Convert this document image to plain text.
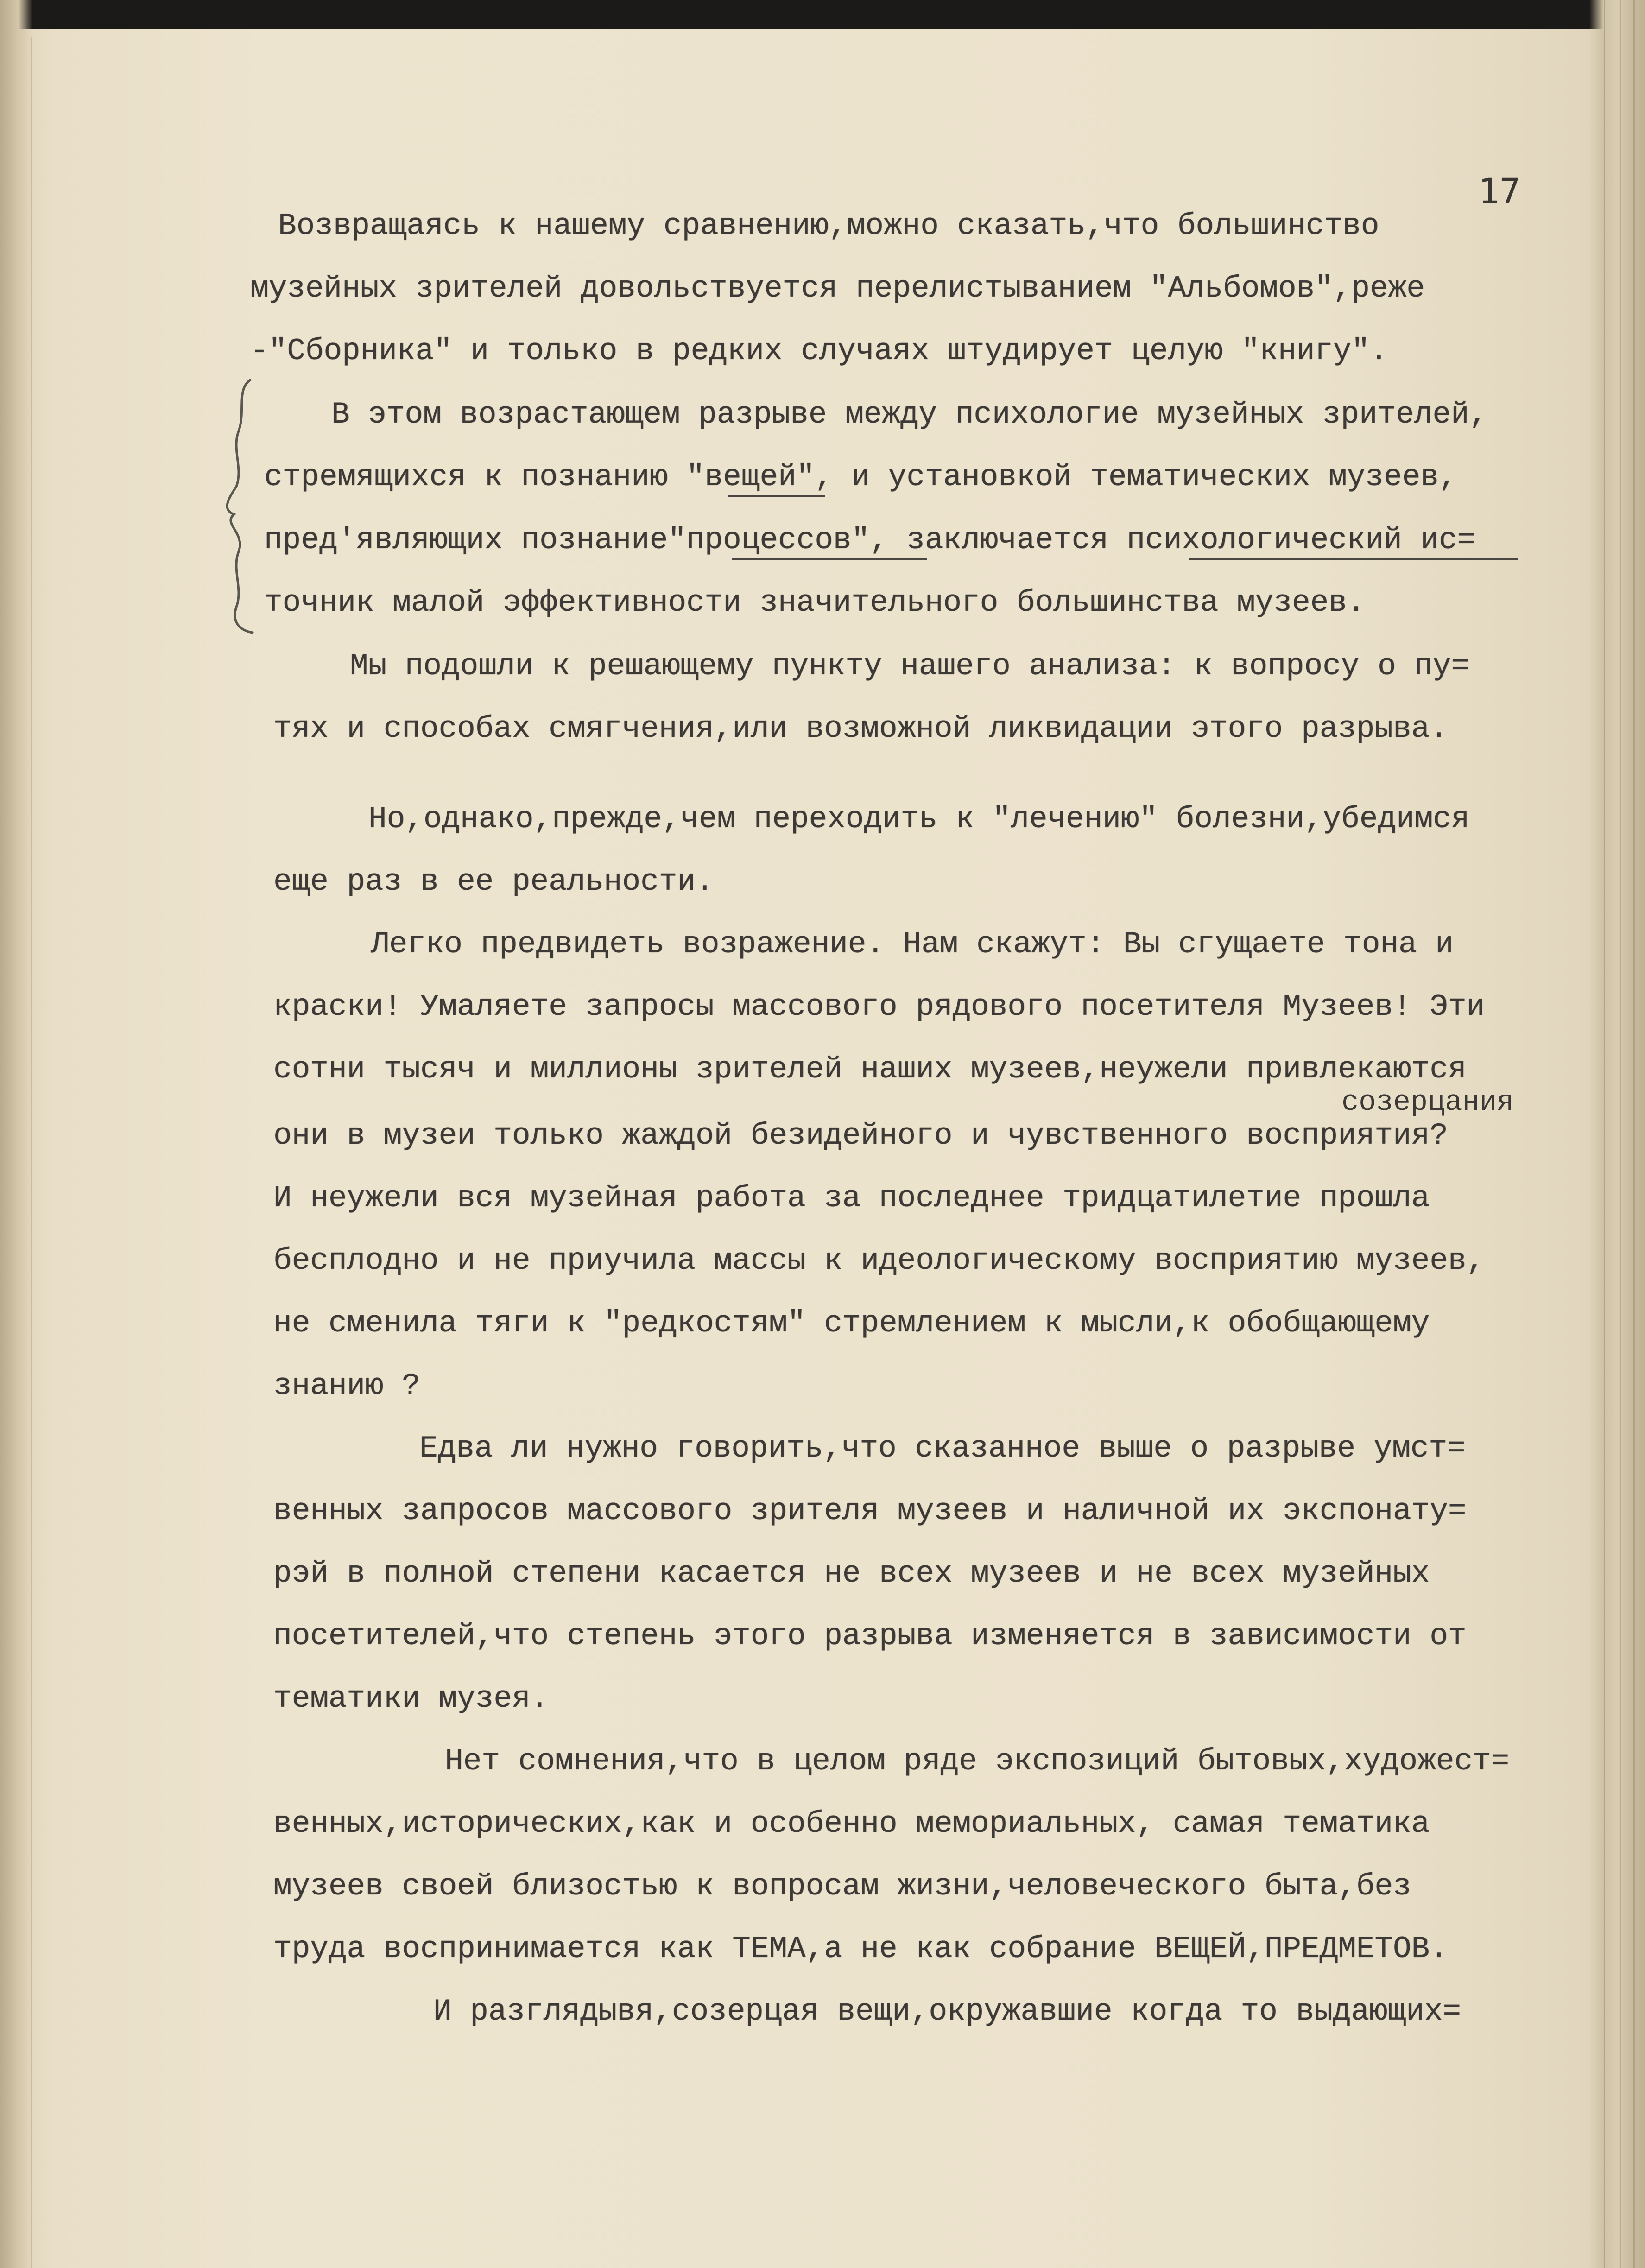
17
Возвращаясь к нашему сравнению,можно сказать,что большинство
музейных зрителей довольствуется перелистыванием "Альбомов",реже
-"Сборника" и только в редких случаях штудирует целую "книгу".
В этом возрастающем разрыве между психологие музейных зрителей,
стремящихся к познанию "вещей", и установкой тематических музеев,
пред'являющих познание"процессов", заключается психологический ис=
точник малой эффективности значительного большинства музеев.
Мы подошли к решающему пункту нашего анализа: к вопросу о пу=
тях и способах смягчения,или возможной ликвидации этого разрыва.
Но,однако,прежде,чем переходить к "лечению" болезни,убедимся
еще раз в ее реальности.
Легко предвидеть возражение. Нам скажут: Вы сгущаете тона и
краски! Умаляете запросы массового рядового посетителя Музеев! Эти
сотни тысяч и миллионы зрителей наших музеев,неужели привлекаются
созерцания
они в музеи только жаждой безидейного и чувственного восприятия?
И неужели вся музейная работа за последнее тридцатилетие прошла
бесплодно и не приучила массы к идеологическому восприятию музеев,
не сменила тяги к "редкостям" стремлением к мысли,к обобщающему
знанию ?
Едва ли нужно говорить,что сказанное выше о разрыве умст=
венных запросов массового зрителя музеев и наличной их экспонату=
рэй в полной степени касается не всех музеев и не всех музейных
посетителей,что степень этого разрыва изменяется в зависимости от
тематики музея.
Нет сомнения,что в целом ряде экспозиций бытовых,художест=
венных,исторических,как и особенно мемориальных, самая тематика
музеев своей близостью к вопросам жизни,человеческого быта,без
труда воспринимается как ТЕМА,а не как собрание ВЕЩЕЙ,ПРЕДМЕТОВ.
И разглядывя,созерцая вещи,окружавшие когда то выдающих=
